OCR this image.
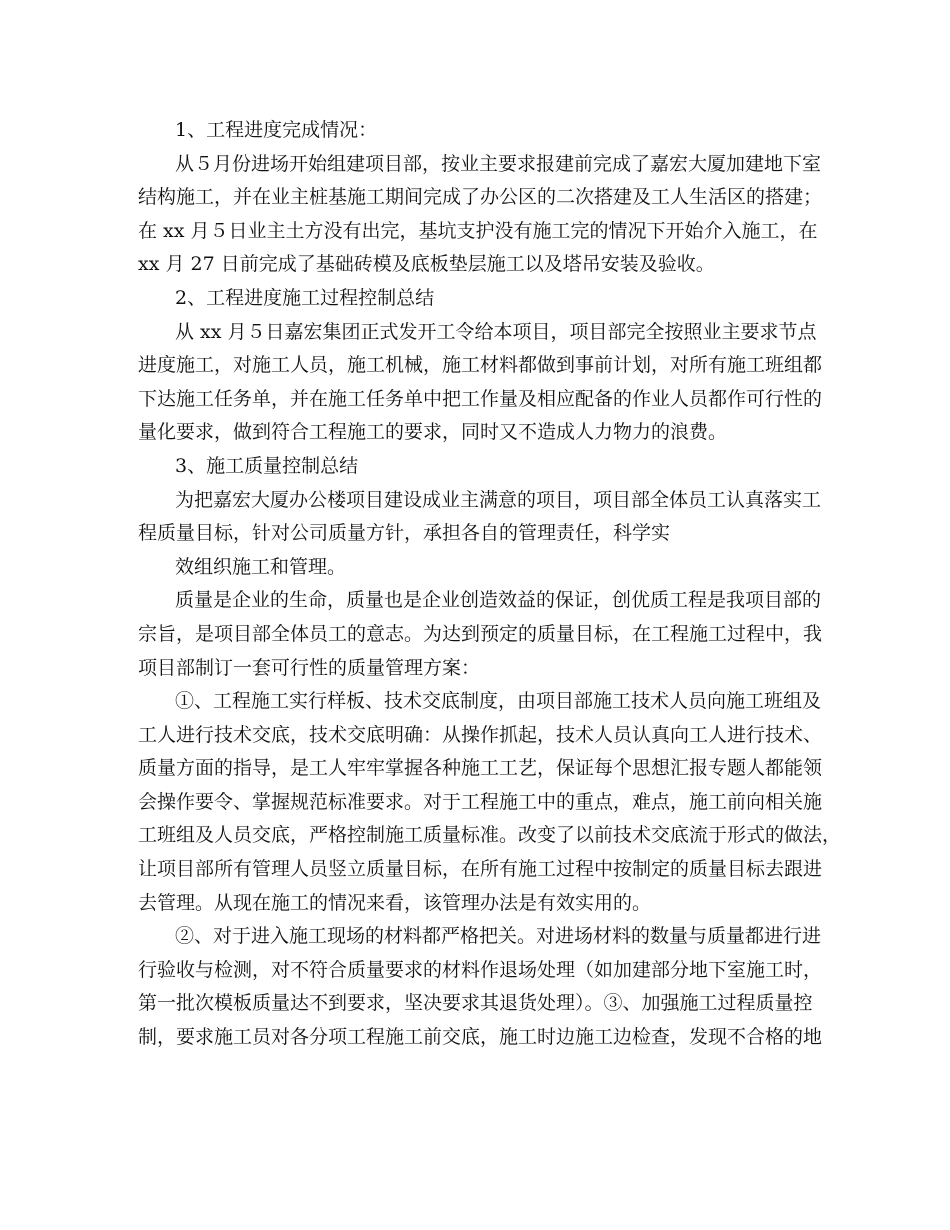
1、工程进度完成情况：
从５月份进场开始组建项目部，按业主要求报建前完成了嘉宏大厦加建地下室
结构施工，并在业主桩基施工期间完成了办公区的二次搭建及工人生活区的搭建；
在 xx 月５日业主土方没有出完，基坑支护没有施工完的情况下开始介入施工，在
xx 月 27 日前完成了基础砖模及底板垫层施工以及塔吊安装及验收。
2、工程进度施工过程控制总结
从 xx 月５日嘉宏集团正式发开工令给本项目，项目部完全按照业主要求节点
进度施工，对施工人员，施工机械，施工材料都做到事前计划，对所有施工班组都
下达施工任务单，并在施工任务单中把工作量及相应配备的作业人员都作可行性的
量化要求，做到符合工程施工的要求，同时又不造成人力物力的浪费。
3、施工质量控制总结
为把嘉宏大厦办公楼项目建设成业主满意的项目，项目部全体员工认真落实工
程质量目标，针对公司质量方针，承担各自的管理责任，科学实
效组织施工和管理。
质量是企业的生命，质量也是企业创造效益的保证，创优质工程是我项目部的
宗旨，是项目部全体员工的意志。为达到预定的质量目标，在工程施工过程中，我
项目部制订一套可行性的质量管理方案：
①、工程施工实行样板、技术交底制度，由项目部施工技术人员向施工班组及
工人进行技术交底，技术交底明确：从操作抓起，技术人员认真向工人进行技术、
质量方面的指导，是工人牢牢掌握各种施工工艺，保证每个思想汇报专题人都能领
会操作要令、掌握规范标准要求。对于工程施工中的重点，难点，施工前向相关施
工班组及人员交底，严格控制施工质量标准。改变了以前技术交底流于形式的做法，
让项目部所有管理人员竖立质量目标，在所有施工过程中按制定的质量目标去跟进
去管理。从现在施工的情况来看，该管理办法是有效实用的。
②、对于进入施工现场的材料都严格把关。对进场材料的数量与质量都进行进
行验收与检测，对不符合质量要求的材料作退场处理（如加建部分地下室施工时，
第一批次模板质量达不到要求，坚决要求其退货处理）。③、加强施工过程质量控
制，要求施工员对各分项工程施工前交底，施工时边施工边检查，发现不合格的地
